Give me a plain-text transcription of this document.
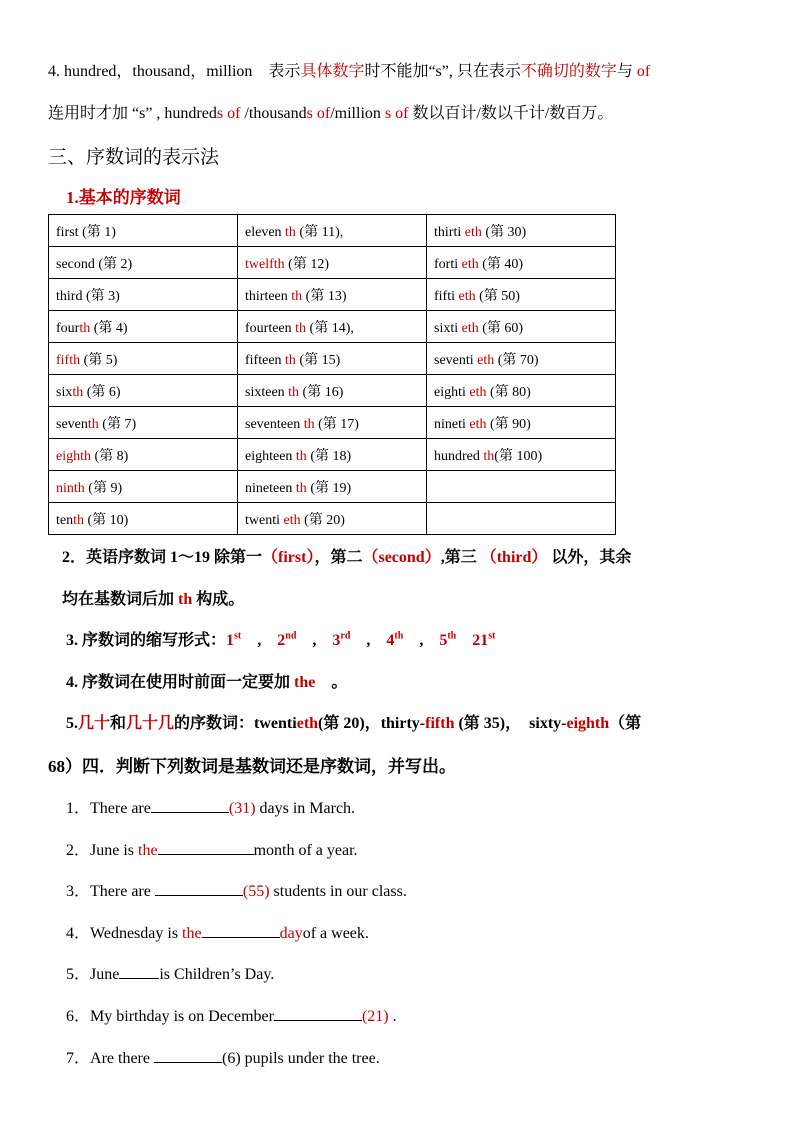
4. hundred，thousand，million　表示具体数字时不能加“s”, 只在表示不确切的数字与 of
连用时才加 “s” , hundreds of /thousands of/million s of 数以百计/数以千计/数百万。
三、序数词的表示法
1.基本的序数词
first (第 1)	eleven th (第 11),	thirti eth (第 30)
second (第 2)	twelfth (第 12)	forti eth (第 40)
third (第 3)	thirteen th (第 13)	fifti eth (第 50)
fourth (第 4)	fourteen th (第 14),	sixti eth (第 60)
fifth (第 5)	fifteen th (第 15)	seventi eth (第 70)
sixth (第 6)	sixteen th (第 16)	eighti eth (第 80)
seventh (第 7)	seventeen th (第 17)	nineti eth (第 90)
eighth (第 8)	eighteen th (第 18)	hundred th(第 100)
ninth (第 9)	nineteen th (第 19)	
tenth (第 10)	twenti eth (第 20)	
2．英语序数词 1～19 除第一（first），第二（second）,第三 （third） 以外，其余
均在基数词后加 th 构成。
3. 序数词的缩写形式：1st　,　2nd　,　3rd　,　4th　,　5th　 21st
4. 序数词在使用时前面一定要加 the　 。
5.几十和几十几的序数词：twentieth(第 20)，thirty-fifth (第 35)，　 sixty-eighth（第
68）四．判断下列数词是基数词还是序数词，并写出。
1．There are	(31) days in March.
2．June is the	month of a year.
3．There are	(55) students in our class.
4．Wednesday is the	dayof a week.
5．June	is Children’s Day.
6．My birthday is on December	(21) .
7．Are there	(6) pupils under the tree.
